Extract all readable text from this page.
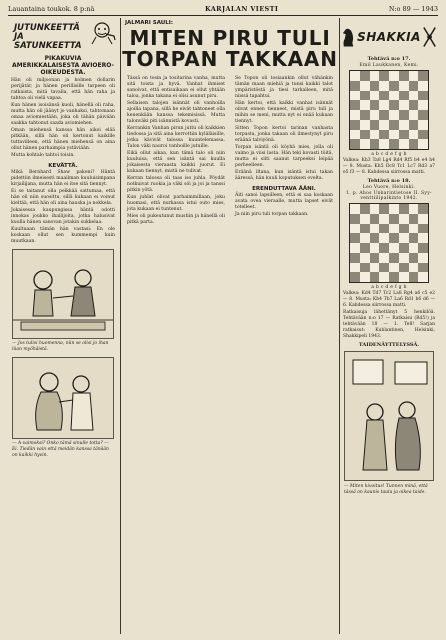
Lauantaina toukok. 8 p:nä	KARJALAN VIESTI	N:o 89 — 1943
JUTUNKEETTÄ
JA SATUNKEETTA
PIKAKUVIA AMERIKKALAISESTA AVIOERO-OIKEUDESTA.
Hän oli miljoonan ja kolmen dollarin perijätär, ja hänen perillisille tarpeen oli ratkaista, mitä tavalla, että hän raha ja tahtoa oli vielä vapaa.
Kun hänen isoisänsä kuoli, hänellä oli raha, mutta hän oli jäänyt jo vanhaksi, tahtomaan omaa aviomiestään, joka oli tähän päivään saakka tahtonut saada aviomiehen.
Oman miehensä kanssa hän aikoi elää pitkään, sillä hän oli kertonut kaikille tuttavilleen, että hänen miehensä on aina ollut hänen parhaimpia ystäviään.
Mutta kohtalo tahtoi toisin.
KEVÄTTÄ.
Mikä Bernhard Shaw pakeni? Häntä pidettiin ilmeisesti maailman kuuluisimpana kirjailijana, mutta hän ei itse sitä tiennyt.
Ei se taitanut olla pelkkää sattumaa, että hän oli niin suosittu, sillä kukaan ei voinut kieltää, että hän oli aina hauska ja nokkela.
Jokaisessa kaupungissa häntä odotti innokas joukko ihailijoita, jotka halusivat kuulla hänen sanovan jotakin sukkelaa.
Kuultuaan tämän hän vastasi: En ole koskaan ollut sen kummempi kuin muutkaan.
— Jos tulisi huomenna, niin se olisi jo ihan liian myöhäistä.
— A-vaimoksi? Onko tämä sinulle totta? — Ei. Tiedän vain että meidän kanssa tänään on kaikki hyvin.
JALMARI SAULI:
MITEN PIRU TULI
TORPAN TAKKAAN
Tässä on tosin ja tositarina vanha, mutta sitä toista ja hyvä. Vanhat ihmiset sanoivat, että entisaikaan ei ollut yhtään taloa, jonka takana ei olisi asunut piru.
Sellaisen talojen isännät oli vanhoilla ajoilla tapana, sillä he eivät tahtoneet olla kenenkään kanssa tekemisissä. Mutta talonväki piti isännistä kovasti.
Kerrankin Vanhan pirun juttu oli kaikkien tiedossa ja sitä aina kerrottiin kyläläisille, jotka kävivät talossa kuuntelemassa. Talon väki nauroi vanhoille jutuille.
Eikä ollut aikaa, kun tämä talo oli niin kuuluisa, että sen isäntä sai kuulla jokaisesta vieraasta kaikki juorut. Ei kukaan tiennyt, mistä ne tulivat.
Kerran talossa oli taas iso juhla. Pöydät notkuivat ruokia ja väki söi ja joi ja tanssi pitkin yötä.
Kun juhlat olivat parhaimmillaan, joku huomasi, että nurkassa istui outo mies, jota kukaan ei tuntenut.
Mies oli pukeutunut mustiin ja hänellä oli pitkä parta.
Se Topon oli tosiaankin ollut vähänkin tämän maan miehiä ja tunsi kaikki talot ympäristöstä ja tiesi tarkalleen, mitä niissä tapahtui.
Hän kertoi, että kaikki vanhat isännät olivat ennen tienneet, mistä piru tuli ja mihin se meni, mutta nyt ei enää kukaan tiennyt.
Sitten Topon kertoi tarinan vanhasta torpasta, jonka takaan oli ilmestynyt piru eräänä talviyönä.
Torpan isäntä oli köyhä mies, jolla oli vaimo ja viisi lasta. Hän teki kovasti töitä, mutta ei silti saanut tarpeeksi leipää perheelleen.
Eräänä iltana, kun isäntä istui takan ääressä, hän kuuli koputuksen ovelta.
ERENDUTTAVA ÄÄNI.
Äiti sanoi lapsilleen, että ei saa koskaan avata ovea vieraalle, mutta lapset eivät totelleet.
Ja niin piru tuli torpan takkaan.
SHAKKIA
Tehtävä n:o 17.
Emil Laukkanen, Kemi.
a b c d e f g h
Valkea: Kh3 Ta8 Lg4 Rd4 Rf5 b4 e4 h4 — 8. Musta: Kh5 Dc8 Tc1 Lc7 Rd3 a7 e5 f3 — 8. Kahdessa siirrossa matti.
Tehtävä n:o 18.
Leo Vuore, Helsinki.
1. p. Ahos Unkarintietose II. Syy-venttiilipalkinto 1942.
a b c d e f g h
Valkea: Kd4 Td7 Tc2 La8 Rg4 a6 c5 e2 — 8. Musta: Kb4 Tb7 La6 Rd1 b6 d6 — 6. Kahdessa siirrossa matti.
Ratkaisuja lähettänyt 5 henkilöä. Tehtävään n:o 17 — Ratkaisu (Rd5!) ja tehtävään 18 — 1. Te8! Sarjan ratkaisut: Kuhlantinen, Helsinki, Shakkipeli 1943.
TAIDENÄYTTELYSSÄ.
— Miten kivoitus! Tunnen minä, että tässä on kaunis taulu ja oikea taide.
